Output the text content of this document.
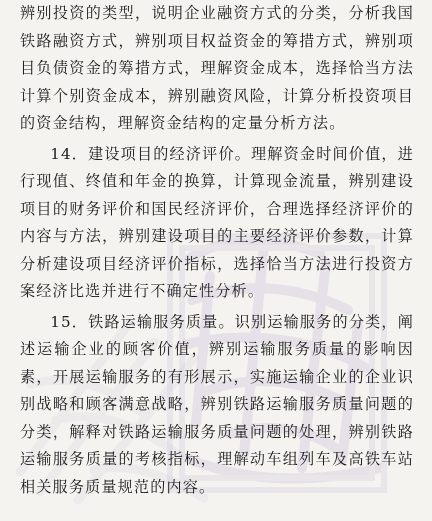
辨别投资的类型，说明企业融资方式的分类，分析我国铁路融资方式，辨别项目权益资金的筹措方式，辨别项目负债资金的筹措方式，理解资金成本，选择恰当方法计算个别资金成本，辨别融资风险，计算分析投资项目的资金结构，理解资金结构的定量分析方法。

14．建设项目的经济评价。理解资金时间价值，进行现值、终值和年金的换算，计算现金流量，辨别建设项目的财务评价和国民经济评价，合理选择经济评价的内容与方法，辨别建设项目的主要经济评价参数，计算分析建设项目经济评价指标，选择恰当方法进行投资方案经济比选并进行不确定性分析。

15．铁路运输服务质量。识别运输服务的分类，阐述运输企业的顾客价值，辨别运输服务质量的影响因素，开展运输服务的有形展示，实施运输企业的企业识别战略和顾客满意战略，辨别铁路运输服务质量问题的分类，解释对铁路运输服务质量问题的处理，辨别铁路运输服务质量的考核指标，理解动车组列车及高铁车站相关服务质量规范的内容。
